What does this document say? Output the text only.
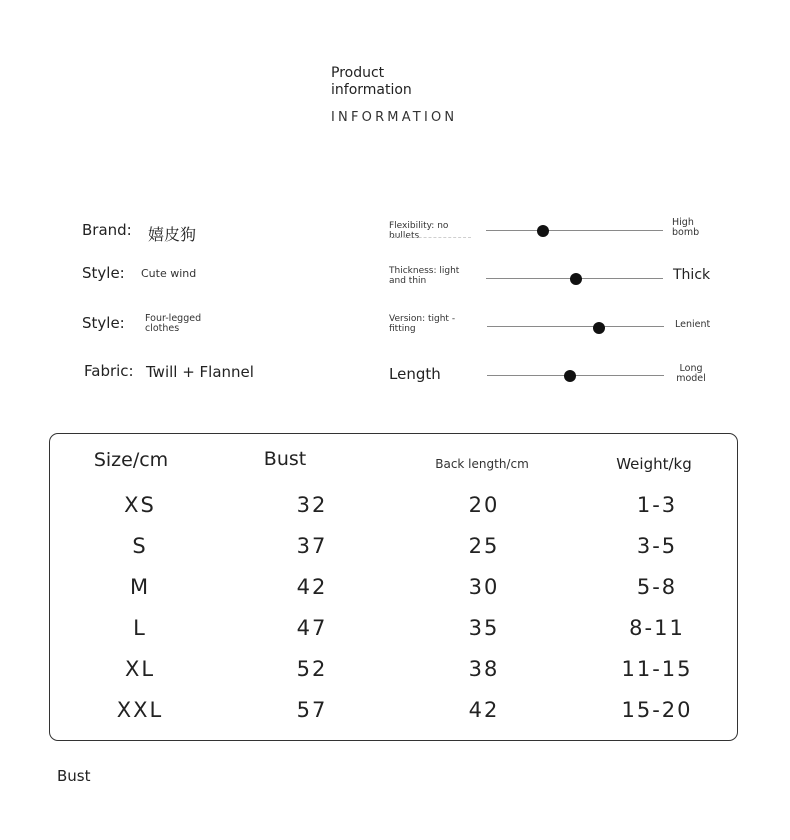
Product
information
INFORMATION
Brand: 嬉皮狗
Style: Cute wind
Style: Four-legged clothes
Fabric: Twill + Flannel
Flexibility: no bullets
High bomb
Thickness: light and thin	Thick
Version: tight -fitting	Lenient
Length	Long model
Size/cm	Bust	Back length/cm	Weight/kg
XS	32	20	1-3
S	37	25	3-5
M	42	30	5-8
L	47	35	8-11
XL	52	38	11-15
XXL	57	42	15-20
Bust
